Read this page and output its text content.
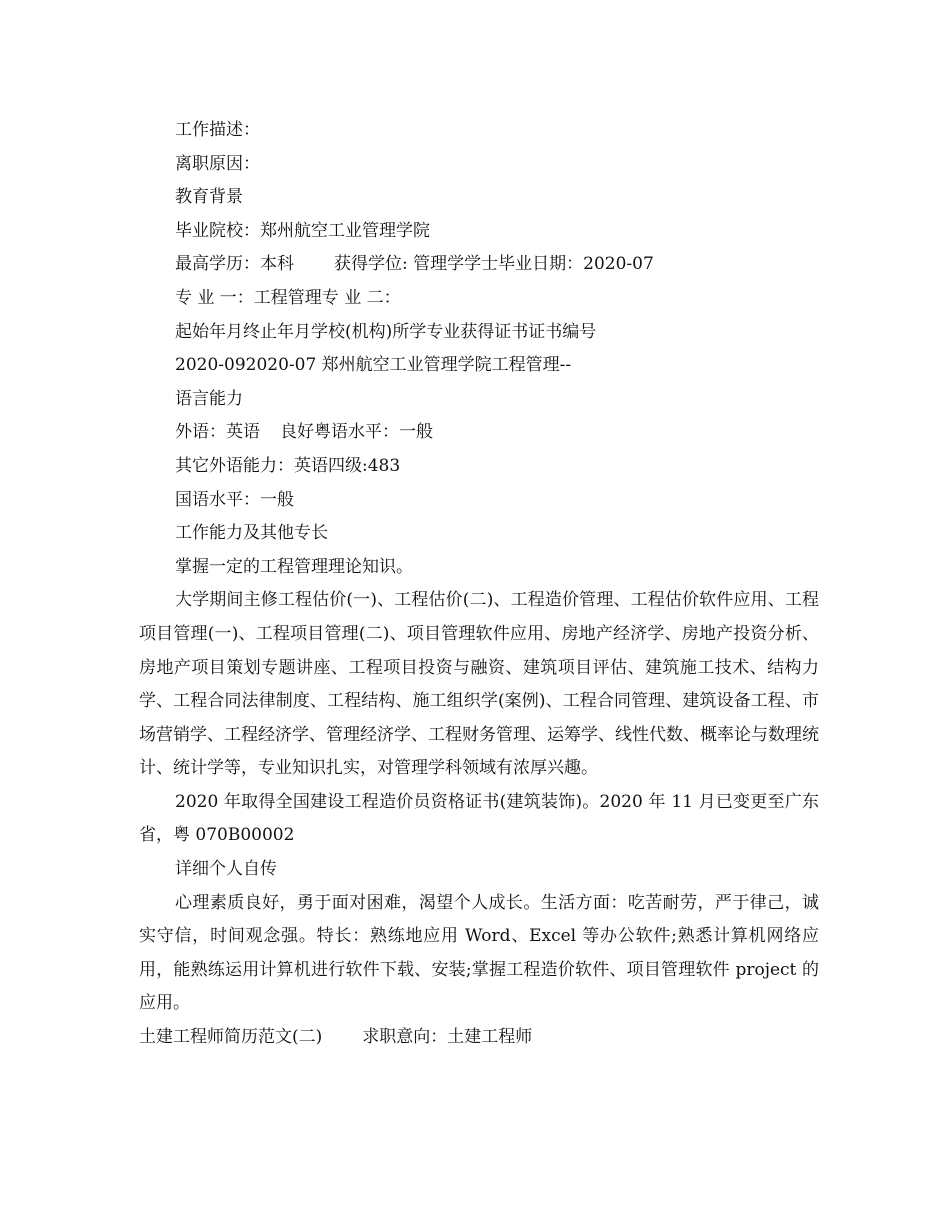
工作描述：

离职原因：

教育背景

毕业院校：郑州航空工业管理学院

最高学历：本科 获得学位: 管理学学士毕业日期：2020-07

专 业 一：工程管理专 业 二：

起始年月终止年月学校(机构)所学专业获得证书证书编号

2020-092020-07 郑州航空工业管理学院工程管理--

语言能力

外语：英语 良好粤语水平：一般

其它外语能力：英语四级:483

国语水平：一般

工作能力及其他专长

掌握一定的工程管理理论知识。

大学期间主修工程估价(一)、工程估价(二)、工程造价管理、工程估价软件应用、工程项目管理(一)、工程项目管理(二)、项目管理软件应用、房地产经济学、房地产投资分析、房地产项目策划专题讲座、工程项目投资与融资、建筑项目评估、建筑施工技术、结构力学、工程合同法律制度、工程结构、施工组织学(案例)、工程合同管理、建筑设备工程、市场营销学、工程经济学、管理经济学、工程财务管理、运筹学、线性代数、概率论与数理统计、统计学等，专业知识扎实，对管理学科领域有浓厚兴趣。

2020 年取得全国建设工程造价员资格证书(建筑装饰)。2020 年 11 月已变更至广东省，粤 070B00002

详细个人自传

心理素质良好，勇于面对困难，渴望个人成长。生活方面：吃苦耐劳，严于律己，诚实守信，时间观念强。特长：熟练地应用 Word、Excel 等办公软件;熟悉计算机网络应用，能熟练运用计算机进行软件下载、安装;掌握工程造价软件、项目管理软件 project 的应用。

土建工程师简历范文(二) 求职意向：土建工程师
